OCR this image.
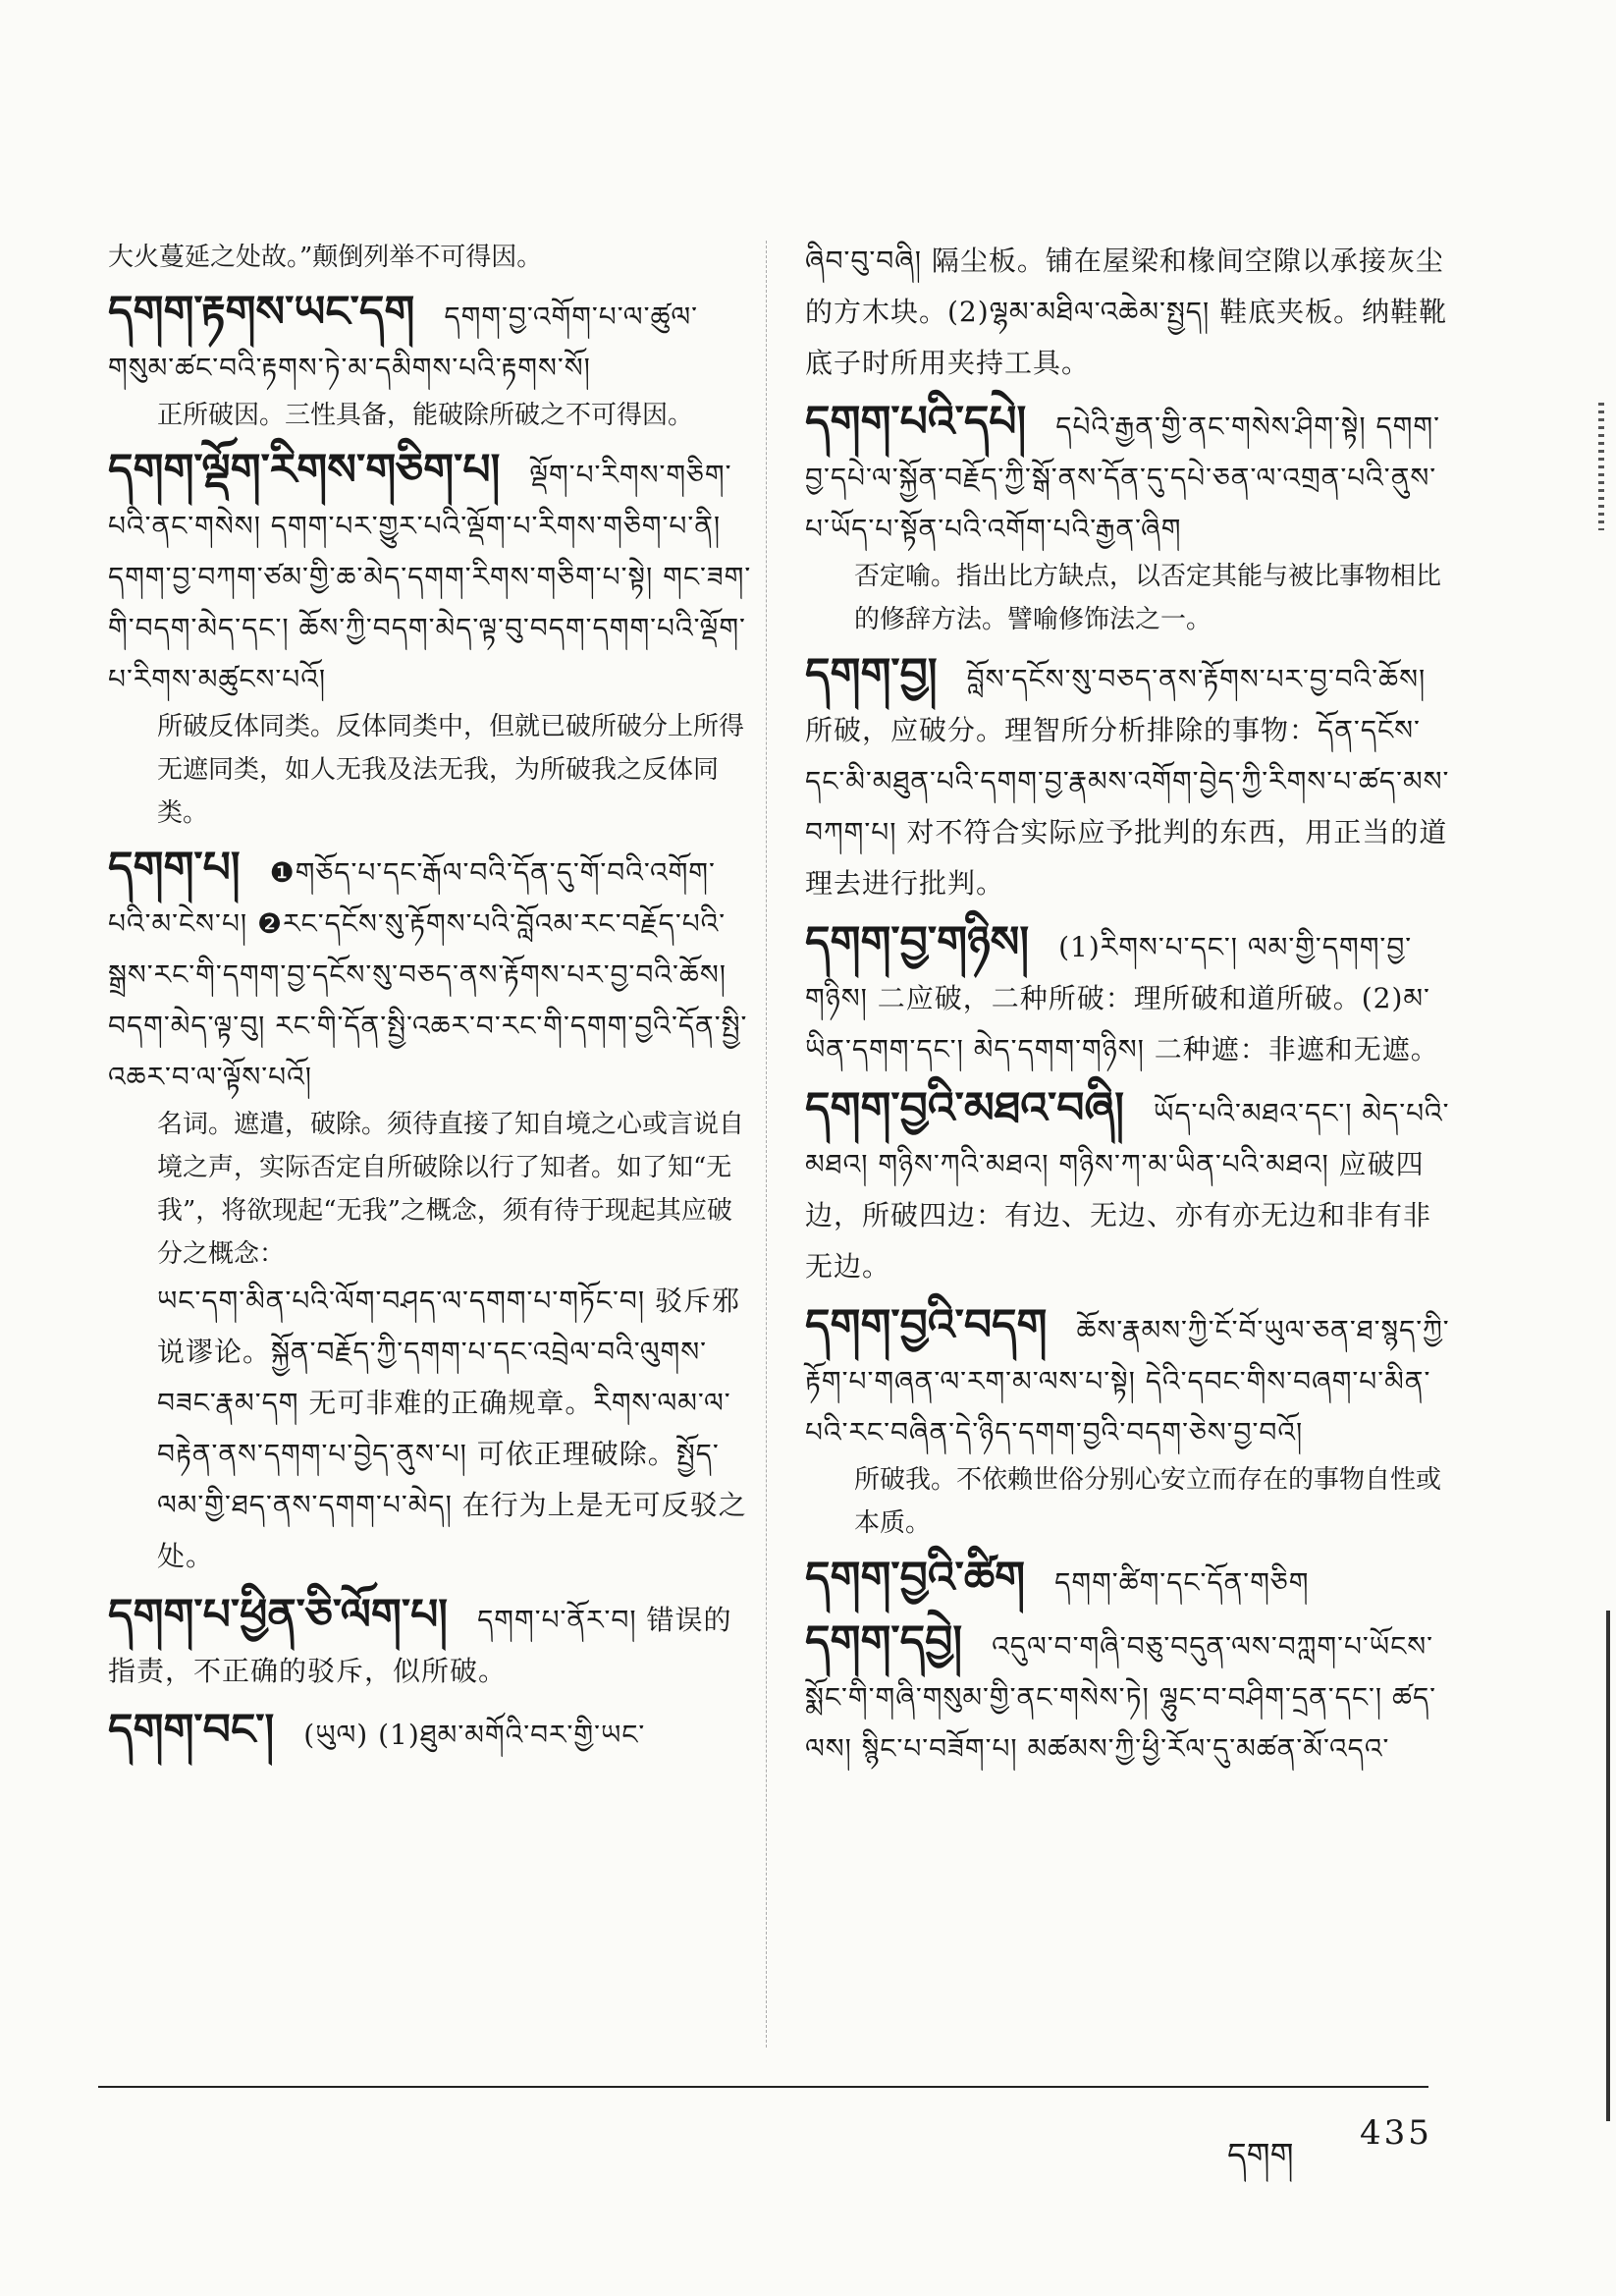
大火蔓延之处故。”颠倒列举不可得因。

དགག་རྟགས་ཡང་དག དགག་བྱ་འགོག་པ་ལ་ཚུལ་གསུམ་ཚང་བའི་རྟགས་ཏེ་མ་དམིགས་པའི་རྟགས་སོ།
正所破因。三性具备，能破除所破之不可得因。
དགག་ལྡོག་རིགས་གཅིག་པ། ལྡོག་པ་རིགས་གཅིག་པའི་ནང་གསེས། དགག་པར་གྱུར་པའི་ལྡོག་པ་རིགས་གཅིག་པ་ནི། དགག་བྱ་བཀག་ཙམ་གྱི་ཆ་མེད་དགག་རིགས་གཅིག་པ་སྟེ། གང་ཟག་གི་བདག་མེད་དང་། ཆོས་ཀྱི་བདག་མེད་ལྟ་བུ་བདག་དགག་པའི་ལྡོག་པ་རིགས་མཚུངས་པའོ།
所破反体同类。反体同类中，但就已破所破分上所得无遮同类，如人无我及法无我，为所破我之反体同类。
དགག་པ། ❶གཅོད་པ་དང་རྒོལ་བའི་དོན་དུ་གོ་བའི་འགོག་པའི་མ་ངེས་པ། ❷རང་དངོས་སུ་རྟོགས་པའི་བློའམ་རང་བརྗོད་པའི་སྒྲས་རང་གི་དགག་བྱ་དངོས་སུ་བཅད་ནས་རྟོགས་པར་བྱ་བའི་ཆོས། བདག་མེད་ལྟ་བུ། རང་གི་དོན་སྤྱི་འཆར་བ་རང་གི་དགག་བྱའི་དོན་སྤྱི་འཆར་བ་ལ་ལྟོས་པའོ།
名词。遮遣，破除。须待直接了知自境之心或言说自境之声，实际否定自所破除以行了知者。如了知“无我”，将欲现起“无我”之概念，须有待于现起其应破分之概念：
ཡང་དག་མིན་པའི་ལོག་བཤད་ལ་དགག་པ་གཏོང་བ། 驳斥邪说谬论。སྐྱོན་བརྗོད་ཀྱི་དགག་པ་དང་འབྲེལ་བའི་ལུགས་བཟང་རྣམ་དག 无可非难的正确规章。རིགས་ལམ་ལ་བརྟེན་ནས་དགག་པ་བྱེད་ནུས་པ། 可依正理破除。སྤྱོད་ལམ་གྱི་ཐད་ནས་དགག་པ་མེད། 在行为上是无可反驳之处。
དགག་པ་ཕྱིན་ཅི་ལོག་པ། དགག་པ་ནོར་བ། 错误的指责，不正确的驳斥，似所破。
དགག་བང་། (ཡུལ) (1)ཐུམ་མགོའི་བར་གྱི་ཡང་

ཞིབ་བུ་བཞི། 隔尘板。铺在屋梁和椽间空隙以承接灰尘的方木块。(2)ལྷམ་མཐིལ་འཆེམ་སྤྱད། 鞋底夹板。纳鞋靴底子时所用夹持工具。

དགག་པའི་དཔེ། དཔེའི་རྒྱན་གྱི་ནང་གསེས་ཤིག་སྟེ། དགག་བྱ་དཔེ་ལ་སྐྱོན་བརྗོད་ཀྱི་སྒོ་ནས་དོན་དུ་དཔེ་ཅན་ལ་འགྲན་པའི་ནུས་པ་ཡོད་པ་སྟོན་པའི་འགོག་པའི་རྒྱན་ཞིག
否定喻。指出比方缺点，以否定其能与被比事物相比的修辞方法。譬喻修饰法之一。
དགག་བྱ། བློས་དངོས་སུ་བཅད་ནས་རྟོགས་པར་བྱ་བའི་ཆོས། 所破，应破分。理智所分析排除的事物：དོན་དངོས་དང་མི་མཐུན་པའི་དགག་བྱ་རྣམས་འགོག་བྱེད་ཀྱི་རིགས་པ་ཚད་མས་བཀག་པ། 对不符合实际应予批判的东西，用正当的道理去进行批判。
དགག་བྱ་གཉིས། (1)རིགས་པ་དང་། ལམ་གྱི་དགག་བྱ་གཉིས། 二应破，二种所破：理所破和道所破。(2)མ་ཡིན་དགག་དང་། མེད་དགག་གཉིས། 二种遮：非遮和无遮。
དགག་བྱའི་མཐའ་བཞི། ཡོད་པའི་མཐའ་དང་། མེད་པའི་མཐའ། གཉིས་ཀའི་མཐའ། གཉིས་ཀ་མ་ཡིན་པའི་མཐའ། 应破四边，所破四边：有边、无边、亦有亦无边和非有非无边。
དགག་བྱའི་བདག ཆོས་རྣམས་ཀྱི་ངོ་བོ་ཡུལ་ཅན་ཐ་སྙད་ཀྱི་རྟོག་པ་གཞན་ལ་རག་མ་ལས་པ་སྟེ། དེའི་དབང་གིས་བཞག་པ་མིན་པའི་རང་བཞིན་དེ་ཉིད་དགག་བྱའི་བདག་ཅེས་བྱ་བའོ།
所破我。不依赖世俗分别心安立而存在的事物自性或本质。
དགག་བྱའི་ཚིག དགག་ཚིག་དང་དོན་གཅིག
དགག་དབྱེ། འདུལ་བ་གཞི་བཅུ་བདུན་ལས་བཀླག་པ་ཡོངས་སྨོང་གི་གཞི་གསུམ་གྱི་ནང་གསེས་ཏེ། ལྷུང་བ་བཤིག་དྲན་དང་། ཚད་ལས། སྙིང་པ་བཟོག་པ། མཚམས་ཀྱི་ཕྱི་རོལ་དུ་མཚན་མོ་འདའ་
དགག
435
